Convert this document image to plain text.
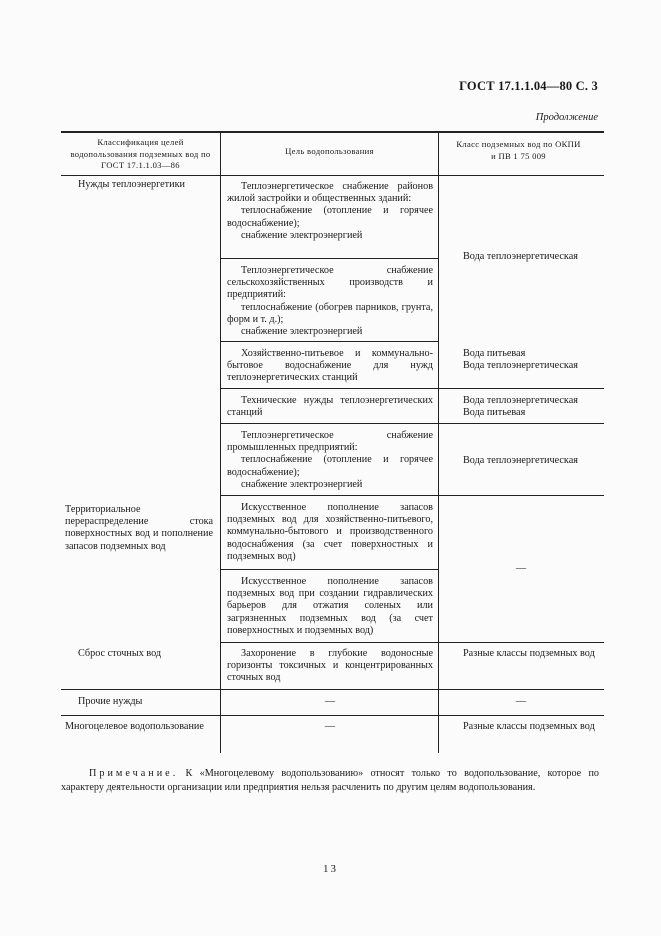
ГОСТ 17.1.1.04—80 С. 3
Продолжение
Классификация целей водопользования подземных вод по ГОСТ 17.1.1.03—86
Цель водопользования
Класс подземных вод по ОКПИ и ПВ 1 75 009
Нужды теплоэнергетики
Территориальное перераспределение стока поверхностных вод и пополнение запасов подземных вод
Сброс сточных вод
Прочие нужды
Многоцелевое водопользование

Теплоэнергетическое снабжение районов жилой застройки и общественных зданий:

теплоснабжение (отопление и горячее водоснабжение);

снабжение электроэнергией

Теплоэнергетическое снабжение сельскохозяйственных производств и предприятий:

теплоснабжение (обогрев парников, грунта, форм и т. д.);

снабжение электроэнергией

Хозяйственно-питьевое и коммунально-бытовое водоснабжение для нужд теплоэнергетических станций
Технические нужды теплоэнергетических станций

Теплоэнергетическое снабжение промышленных предприятий:

теплоснабжение (отопление и горячее водоснабжение);

снабжение электроэнергией

Искусственное пополнение запасов подземных вод для хозяйственно-питьевого, коммунально-бытового и производственного водоснабжения (за счет поверхностных и подземных вод)
Искусственное пополнение запасов подземных вод при создании гидравлических барьеров для отжатия соленых или загрязненных подземных вод (за счет поверхностных и подземных вод)
Захоронение в глубокие водоносные горизонты токсичных и концентрированных сточных вод
—
—
Вода теплоэнергетическая

Вода питьевая

Вода теплоэнергетическая

Вода теплоэнергетическая

Вода питьевая

Вода теплоэнергетическая
—
Разные классы подземных вод
—
Разные классы подземных вод
Примечание. К «Многоцелевому водопользованию» относят только то водопользование, которое по характеру деятельности организации или предприятия нельзя расчленить по другим целям водопользования.
13
